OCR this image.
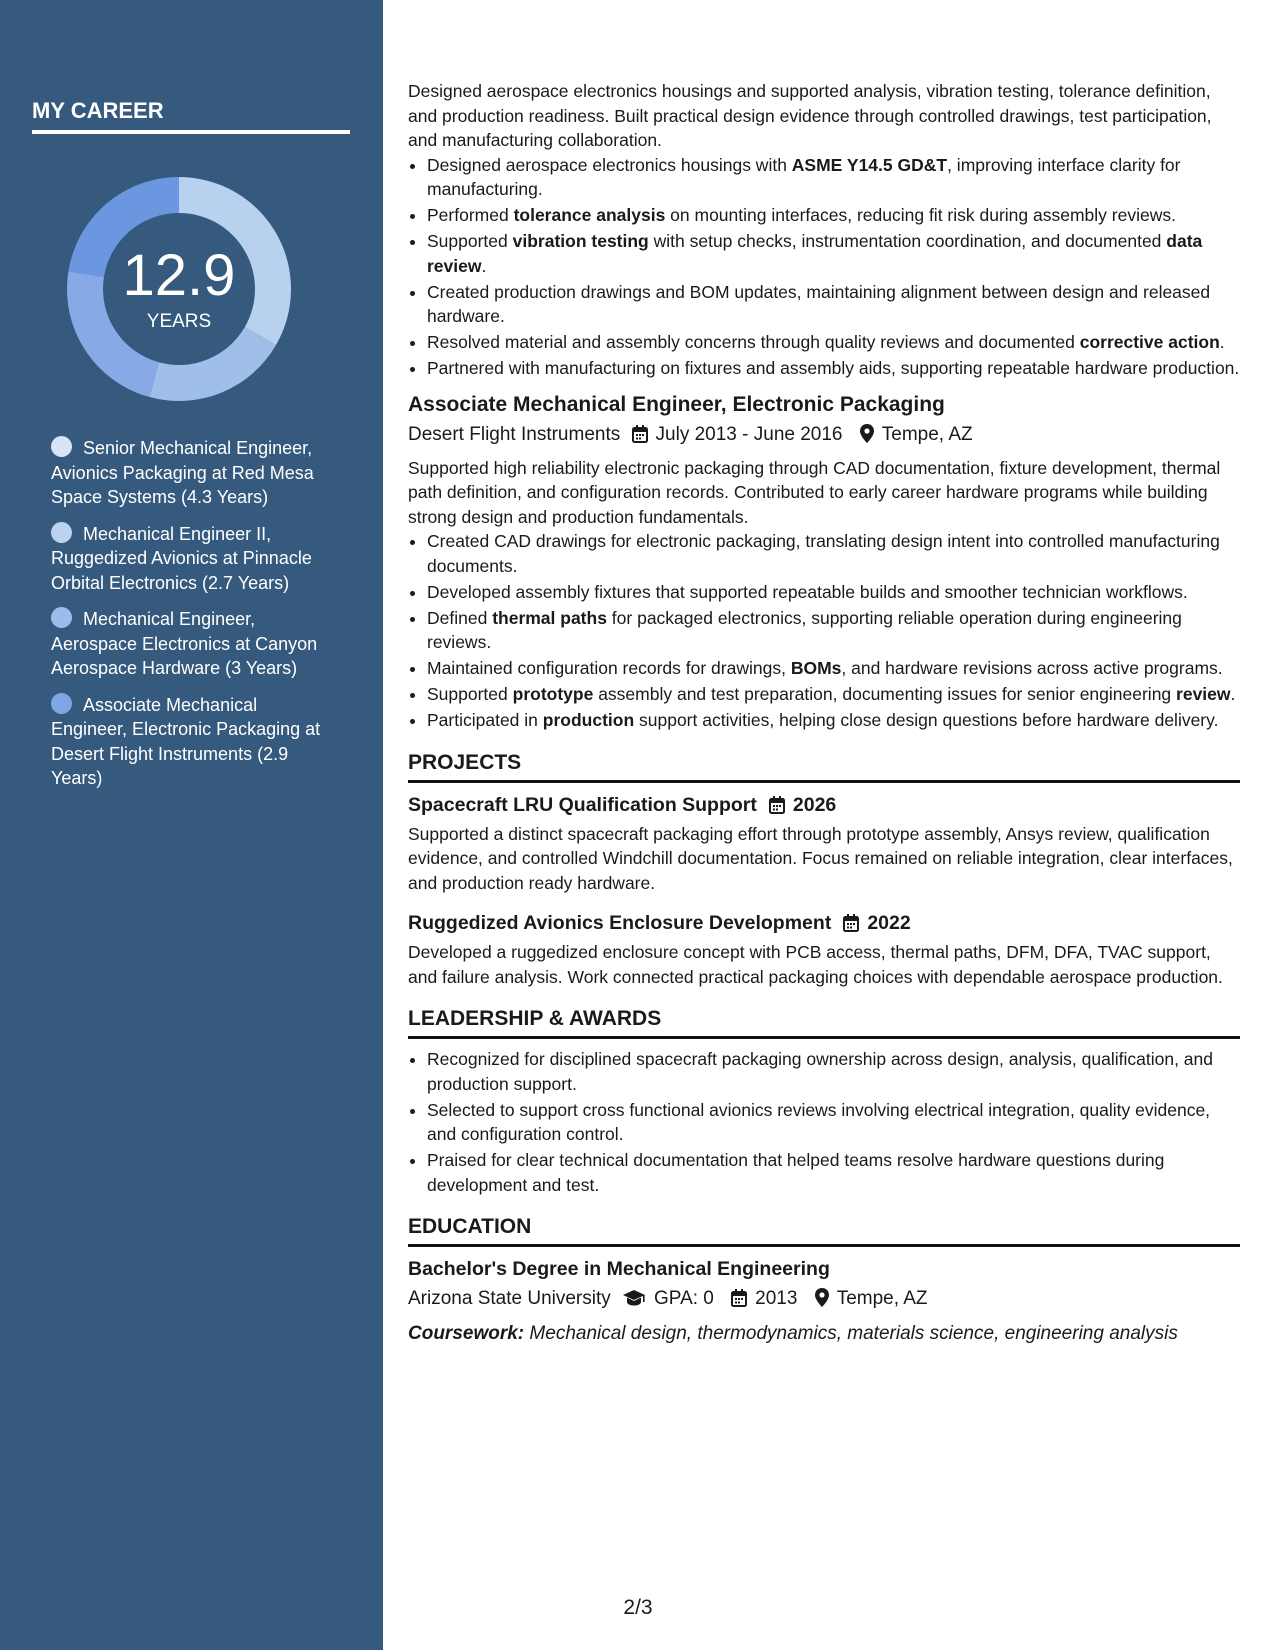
MY CAREER
12.9
YEARS
Senior Mechanical Engineer, Avionics Packaging at Red Mesa Space Systems (4.3 Years)
Mechanical Engineer II, Ruggedized Avionics at Pinnacle Orbital Electronics (2.7 Years)
Mechanical Engineer, Aerospace Electronics at Canyon Aerospace Hardware (3 Years)
Associate Mechanical Engineer, Electronic Packaging at Desert Flight Instruments (2.9 Years)

Designed aerospace electronics housings and supported analysis, vibration testing, tolerance definition, and production readiness. Built practical design evidence through controlled drawings, test participation, and manufacturing collaboration.

• Designed aerospace electronics housings with ASME Y14.5 GD&T, improving interface clarity for manufacturing.
• Performed tolerance analysis on mounting interfaces, reducing fit risk during assembly reviews.
• Supported vibration testing with setup checks, instrumentation coordination, and documented data review.
• Created production drawings and BOM updates, maintaining alignment between design and released hardware.
• Resolved material and assembly concerns through quality reviews and documented corrective action.
• Partnered with manufacturing on fixtures and assembly aids, supporting repeatable hardware production.
Associate Mechanical Engineer, Electronic Packaging
Desert Flight Instruments July 2013 - June 2016 Tempe, AZ

Supported high reliability electronic packaging through CAD documentation, fixture development, thermal path definition, and configuration records. Contributed to early career hardware programs while building strong design and production fundamentals.

• Created CAD drawings for electronic packaging, translating design intent into controlled manufacturing documents.
• Developed assembly fixtures that supported repeatable builds and smoother technician workflows.
• Defined thermal paths for packaged electronics, supporting reliable operation during engineering reviews.
• Maintained configuration records for drawings, BOMs, and hardware revisions across active programs.
• Supported prototype assembly and test preparation, documenting issues for senior engineering review.
• Participated in production support activities, helping close design questions before hardware delivery.
PROJECTS
Spacecraft LRU Qualification Support 2026

Supported a distinct spacecraft packaging effort through prototype assembly, Ansys review, qualification evidence, and controlled Windchill documentation. Focus remained on reliable integration, clear interfaces, and production ready hardware.

Ruggedized Avionics Enclosure Development 2022

Developed a ruggedized enclosure concept with PCB access, thermal paths, DFM, DFA, TVAC support, and failure analysis. Work connected practical packaging choices with dependable aerospace production.

LEADERSHIP & AWARDS
• Recognized for disciplined spacecraft packaging ownership across design, analysis, qualification, and production support.
• Selected to support cross functional avionics reviews involving electrical integration, quality evidence, and configuration control.
• Praised for clear technical documentation that helped teams resolve hardware questions during development and test.
EDUCATION
Bachelor's Degree in Mechanical Engineering
Arizona State University GPA: 0 2013 Tempe, AZ
Coursework: Mechanical design, thermodynamics, materials science, engineering analysis
2/3
